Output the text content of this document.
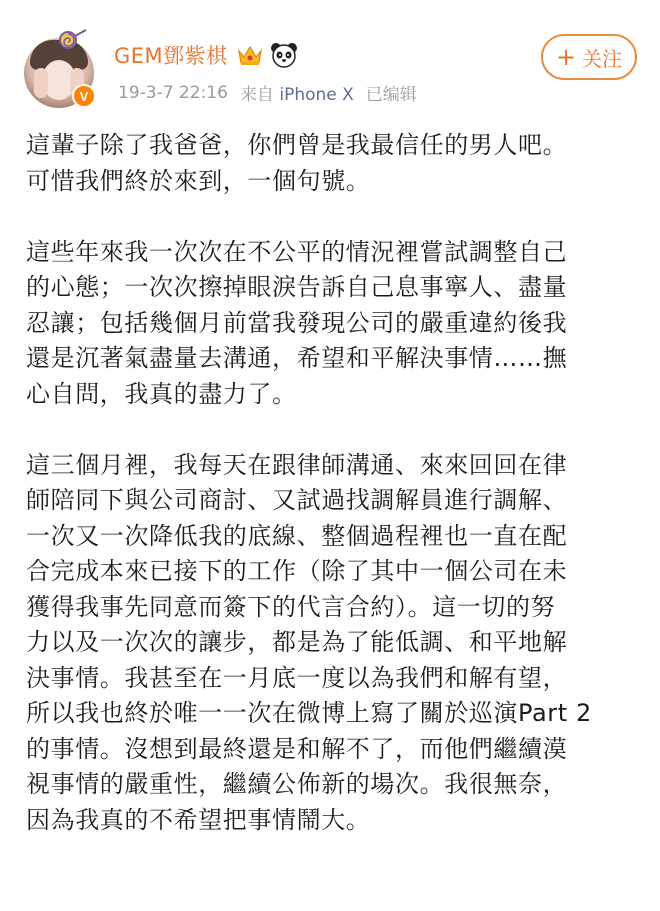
V
GEM鄧紫棋
19-3-7 22:16 来自 iPhone X 已编辑
+ 关注

這輩子除了我爸爸，你們曾是我最信任的男人吧。
可惜我們終於來到，一個句號。

這些年來我一次次在不公平的情況裡嘗試調整自己
的心態；一次次擦掉眼淚告訴自己息事寧人、盡量
忍讓；包括幾個月前當我發現公司的嚴重違約後我
還是沉著氣盡量去溝通，希望和平解決事情……撫
心自問，我真的盡力了。

這三個月裡，我每天在跟律師溝通、來來回回在律
師陪同下與公司商討、又試過找調解員進行調解、
一次又一次降低我的底線、整個過程裡也一直在配
合完成本來已接下的工作（除了其中一個公司在未
獲得我事先同意而簽下的代言合約）。這一切的努
力以及一次次的讓步，都是為了能低調、和平地解
決事情。我甚至在一月底一度以為我們和解有望，
所以我也終於唯一一次在微博上寫了關於巡演Part 2
的事情。沒想到最終還是和解不了，而他們繼續漠
視事情的嚴重性，繼續公佈新的場次。我很無奈，
因為我真的不希望把事情鬧大。
